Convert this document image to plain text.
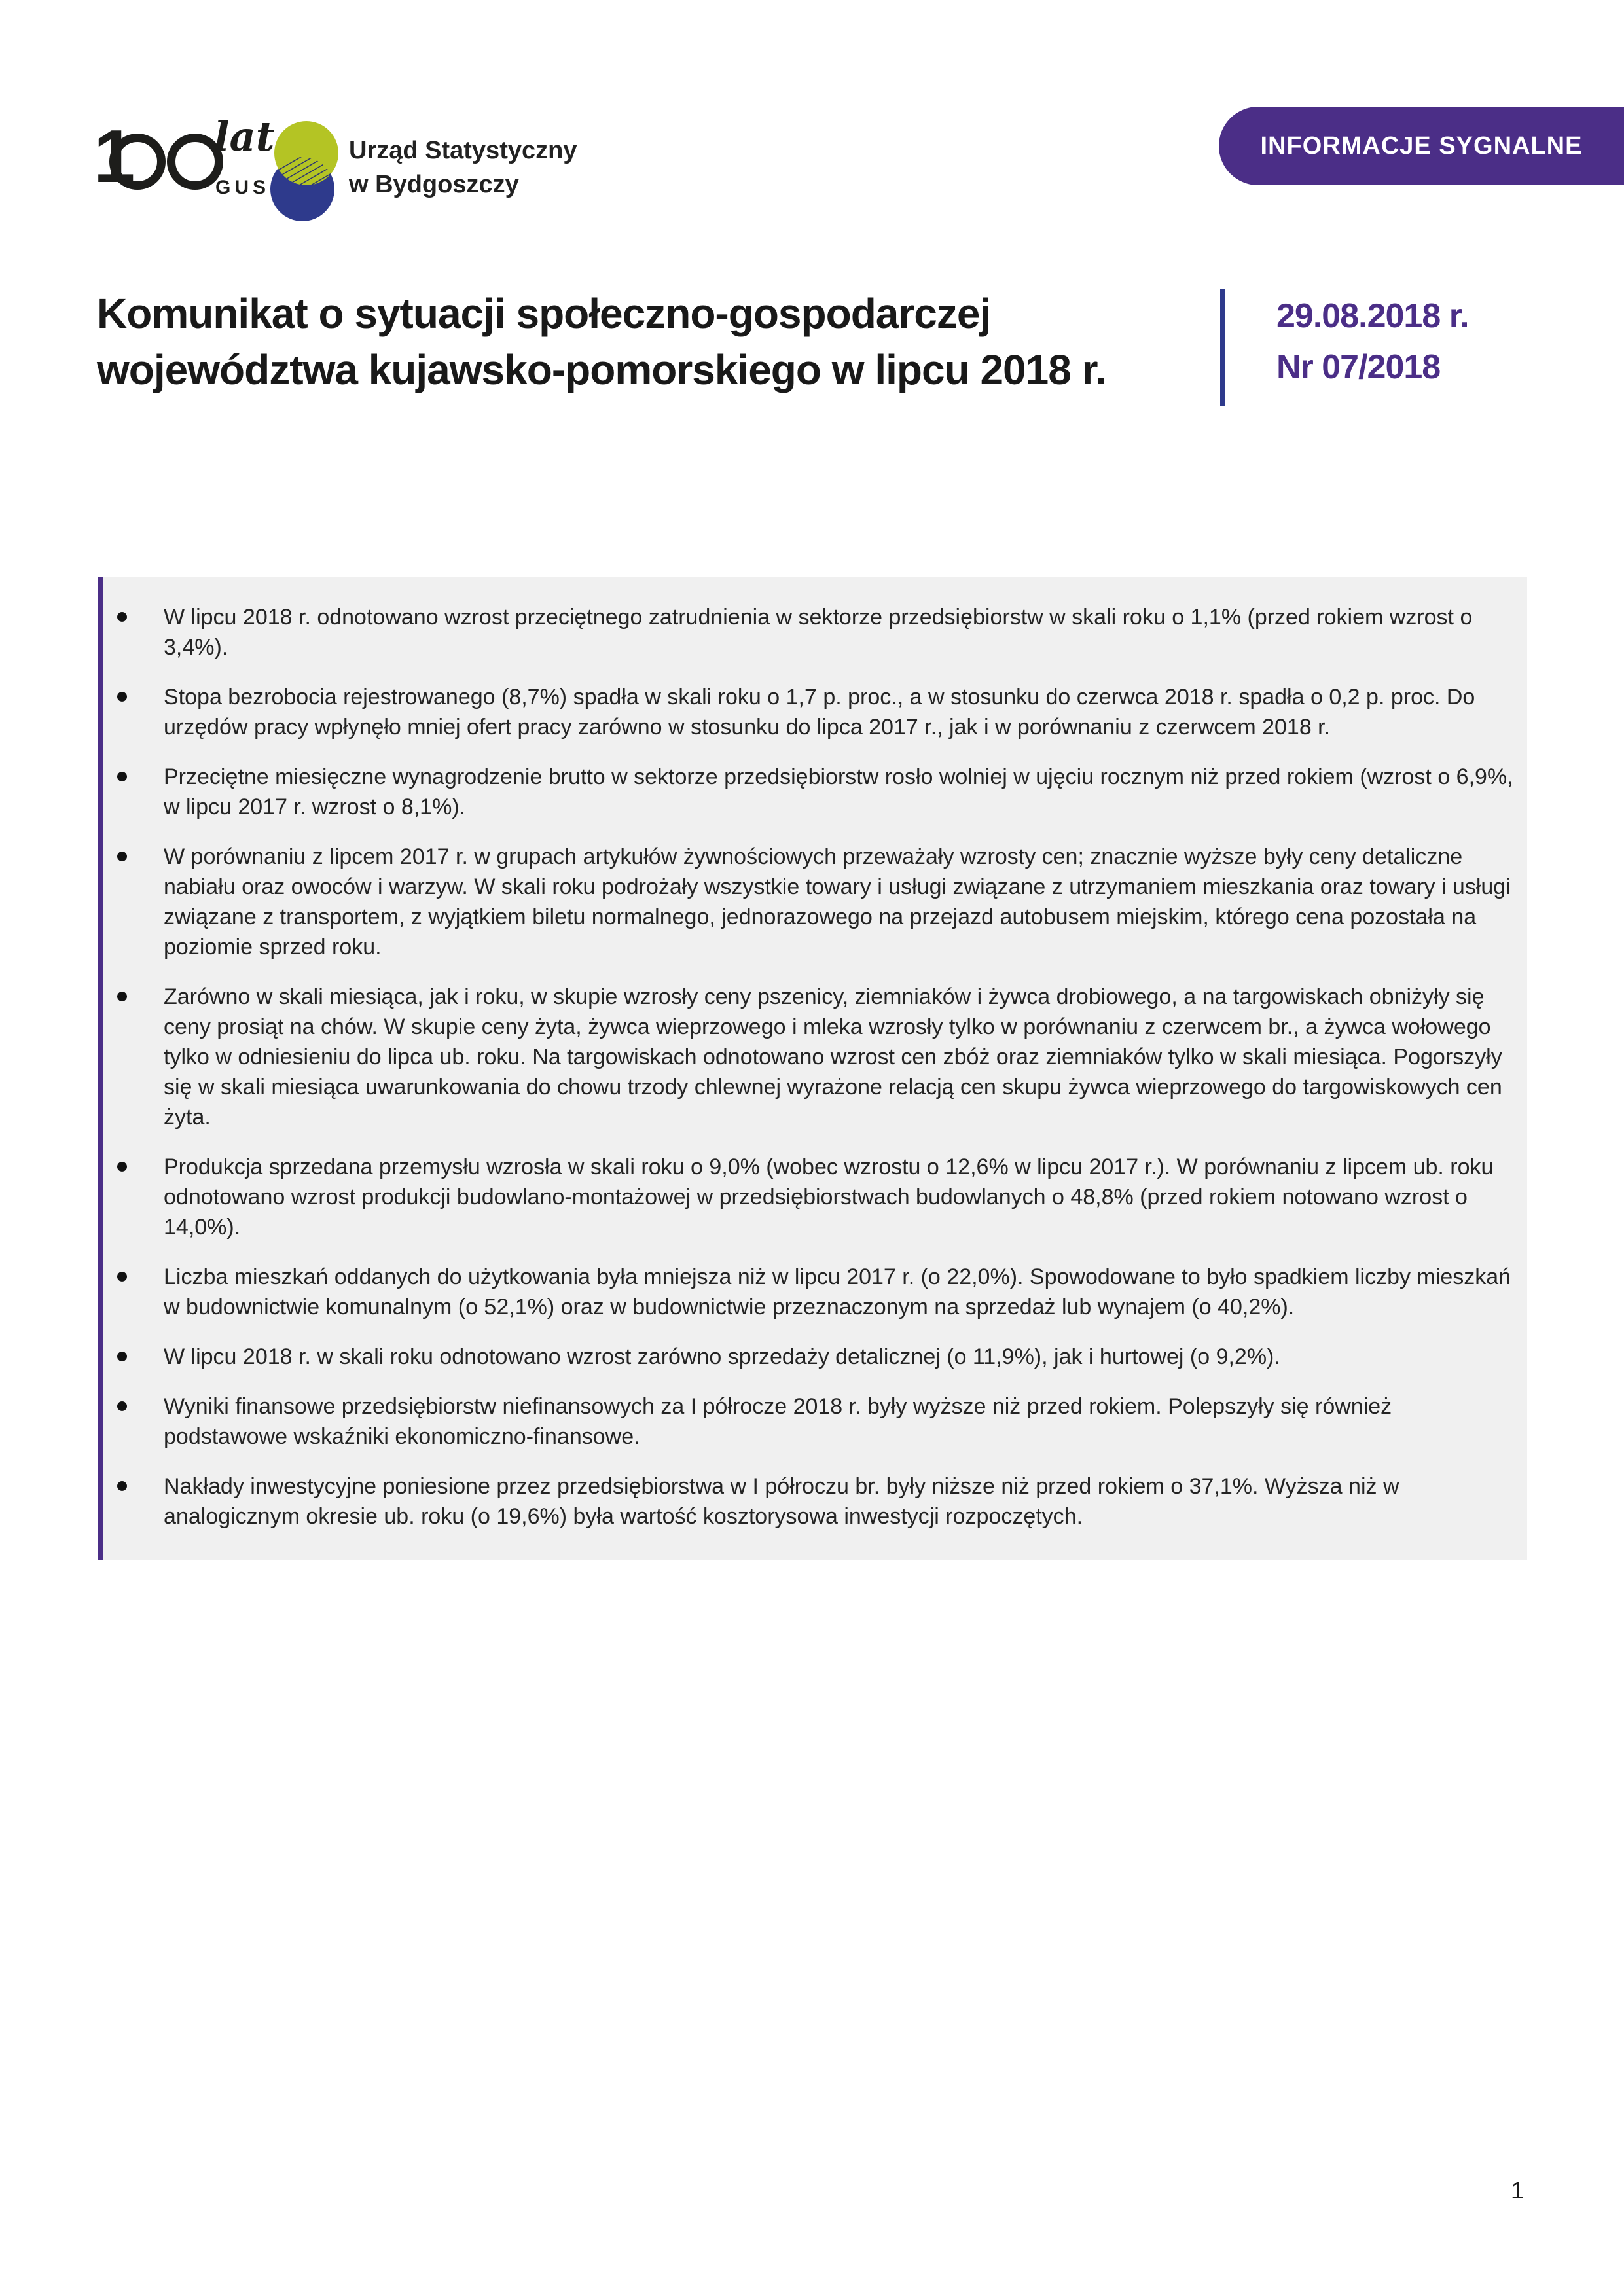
1 lat
GUS
Urząd Statystyczny
w Bydgoszczy
INFORMACJE SYGNALNE
Komunikat o sytuacji społeczno-gospodarczej województwa kujawsko-pomorskiego w lipcu 2018 r.
29.08.2018 r.
Nr 07/2018
W lipcu 2018 r. odnotowano wzrost przeciętnego zatrudnienia w sektorze przedsiębiorstw w skali roku o 1,1% (przed rokiem wzrost o 3,4%).
Stopa bezrobocia rejestrowanego (8,7%) spadła w skali roku o 1,7 p. proc., a w stosunku do czerwca 2018 r. spadła o 0,2 p. proc. Do urzędów pracy wpłynęło mniej ofert pracy zarówno w stosunku do lipca 2017 r., jak i w porównaniu z czerwcem 2018 r.
Przeciętne miesięczne wynagrodzenie brutto w sektorze przedsiębiorstw rosło wolniej w ujęciu rocznym niż przed rokiem (wzrost o 6,9%, w lipcu 2017 r. wzrost o 8,1%).
W porównaniu z lipcem 2017 r. w grupach artykułów żywnościowych przeważały wzrosty cen; znacznie wyższe były ceny detaliczne nabiału oraz owoców i warzyw. W skali roku podrożały wszystkie towary i usługi związane z utrzymaniem mieszkania oraz towary i usługi związane z transportem, z wyjątkiem biletu normalnego, jednorazowego na przejazd autobusem miejskim, którego cena pozostała na poziomie sprzed roku.
Zarówno w skali miesiąca, jak i roku, w skupie wzrosły ceny pszenicy, ziemniaków i żywca drobiowego, a na targowiskach obniżyły się ceny prosiąt na chów. W skupie ceny żyta, żywca wieprzowego i mleka wzrosły tylko w porównaniu z czerwcem br., a żywca wołowego tylko w odniesieniu do lipca ub. roku. Na targowiskach odnotowano wzrost cen zbóż oraz ziemniaków tylko w skali miesiąca. Pogorszyły się w skali miesiąca uwarunkowania do chowu trzody chlewnej wyrażone relacją cen skupu żywca wieprzowego do targowiskowych cen żyta.
Produkcja sprzedana przemysłu wzrosła w skali roku o 9,0% (wobec wzrostu o 12,6% w lipcu 2017 r.). W porównaniu z lipcem ub. roku odnotowano wzrost produkcji budowlano-montażowej w przedsiębiorstwach budowlanych o 48,8% (przed rokiem notowano wzrost o 14,0%).
Liczba mieszkań oddanych do użytkowania była mniejsza niż w lipcu 2017 r. (o 22,0%). Spowodowane to było spadkiem liczby mieszkań w budownictwie komunalnym (o 52,1%) oraz w budownictwie przeznaczonym na sprzedaż lub wynajem (o 40,2%).
W lipcu 2018 r. w skali roku odnotowano wzrost zarówno sprzedaży detalicznej (o 11,9%), jak i hurtowej (o 9,2%).
Wyniki finansowe przedsiębiorstw niefinansowych za I półrocze 2018 r. były wyższe niż przed rokiem. Polepszyły się również podstawowe wskaźniki ekonomiczno-finansowe.
Nakłady inwestycyjne poniesione przez przedsiębiorstwa w I półroczu br. były niższe niż przed rokiem o 37,1%. Wyższa niż w analogicznym okresie ub. roku (o 19,6%) była wartość kosztorysowa inwestycji rozpoczętych.
1
